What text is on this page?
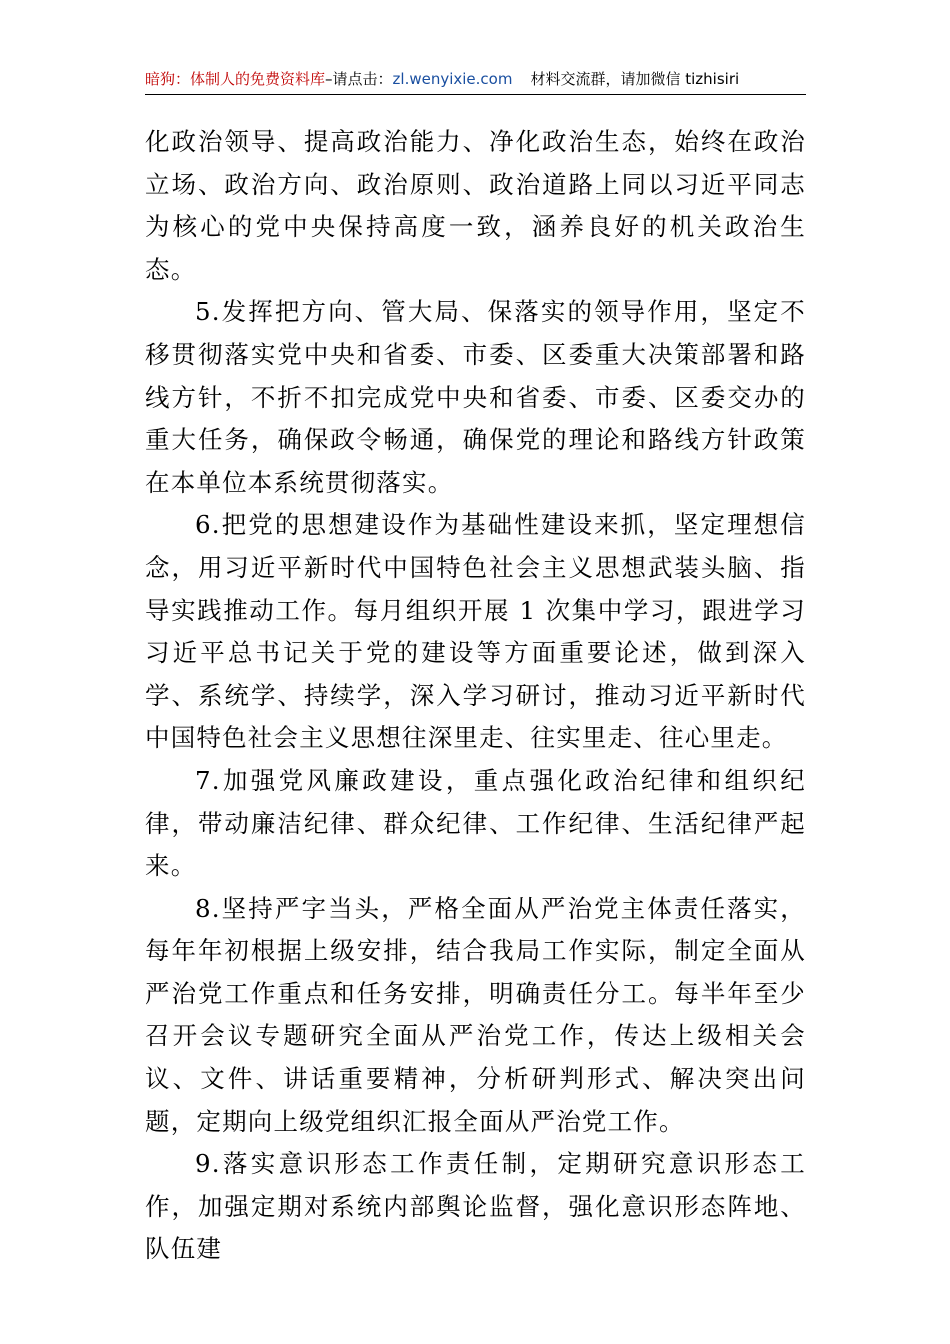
暗狗：体制人的免费资料库–请点击：zl.wenyixie.com 材料交流群，请加微信 tizhisiri

化政治领导、提高政治能力、净化政治生态，始终在政治立场、政治方向、政治原则、政治道路上同以习近平同志为核心的党中央保持高度一致，涵养良好的机关政治生态。

5.发挥把方向、管大局、保落实的领导作用，坚定不移贯彻落实党中央和省委、市委、区委重大决策部署和路线方针，不折不扣完成党中央和省委、市委、区委交办的重大任务，确保政令畅通，确保党的理论和路线方针政策在本单位本系统贯彻落实。

6.把党的思想建设作为基础性建设来抓，坚定理想信念，用习近平新时代中国特色社会主义思想武装头脑、指导实践推动工作。每月组织开展 1 次集中学习，跟进学习习近平总书记关于党的建设等方面重要论述，做到深入学、系统学、持续学，深入学习研讨，推动习近平新时代中国特色社会主义思想往深里走、往实里走、往心里走。

7.加强党风廉政建设，重点强化政治纪律和组织纪律，带动廉洁纪律、群众纪律、工作纪律、生活纪律严起来。

8.坚持严字当头，严格全面从严治党主体责任落实，每年年初根据上级安排，结合我局工作实际，制定全面从严治党工作重点和任务安排，明确责任分工。每半年至少召开会议专题研究全面从严治党工作，传达上级相关会议、文件、讲话重要精神，分析研判形式、解决突出问题，定期向上级党组织汇报全面从严治党工作。

9.落实意识形态工作责任制，定期研究意识形态工作，加强定期对系统内部舆论监督，强化意识形态阵地、队伍建
